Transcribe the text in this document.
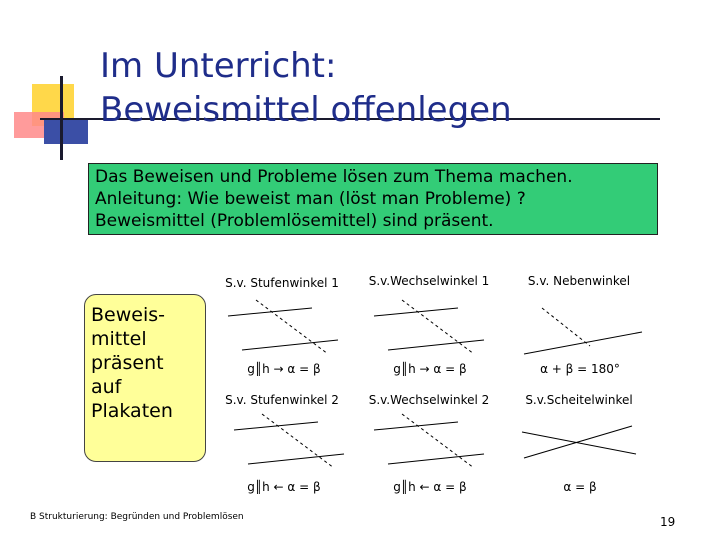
Im Unterricht:
Beweismittel offenlegen
Das Beweisen und Probleme lösen zum Thema machen.
Anleitung: Wie beweist man (löst man Probleme) ?
Beweismittel (Problemlösemittel) sind präsent.
Beweis-
mittel
präsent
auf
Plakaten
S.v. Stufenwinkel 1	S.v.Wechselwinkel 1	S.v. Nebenwinkel
g║h → α = β	g║h → α = β	α + β = 180°
S.v. Stufenwinkel 2	S.v.Wechselwinkel 2	S.v.Scheitelwinkel
g║h ← α = β	g║h ← α = β	α = β
B Strukturierung: Begründen und Problemlösen	19
